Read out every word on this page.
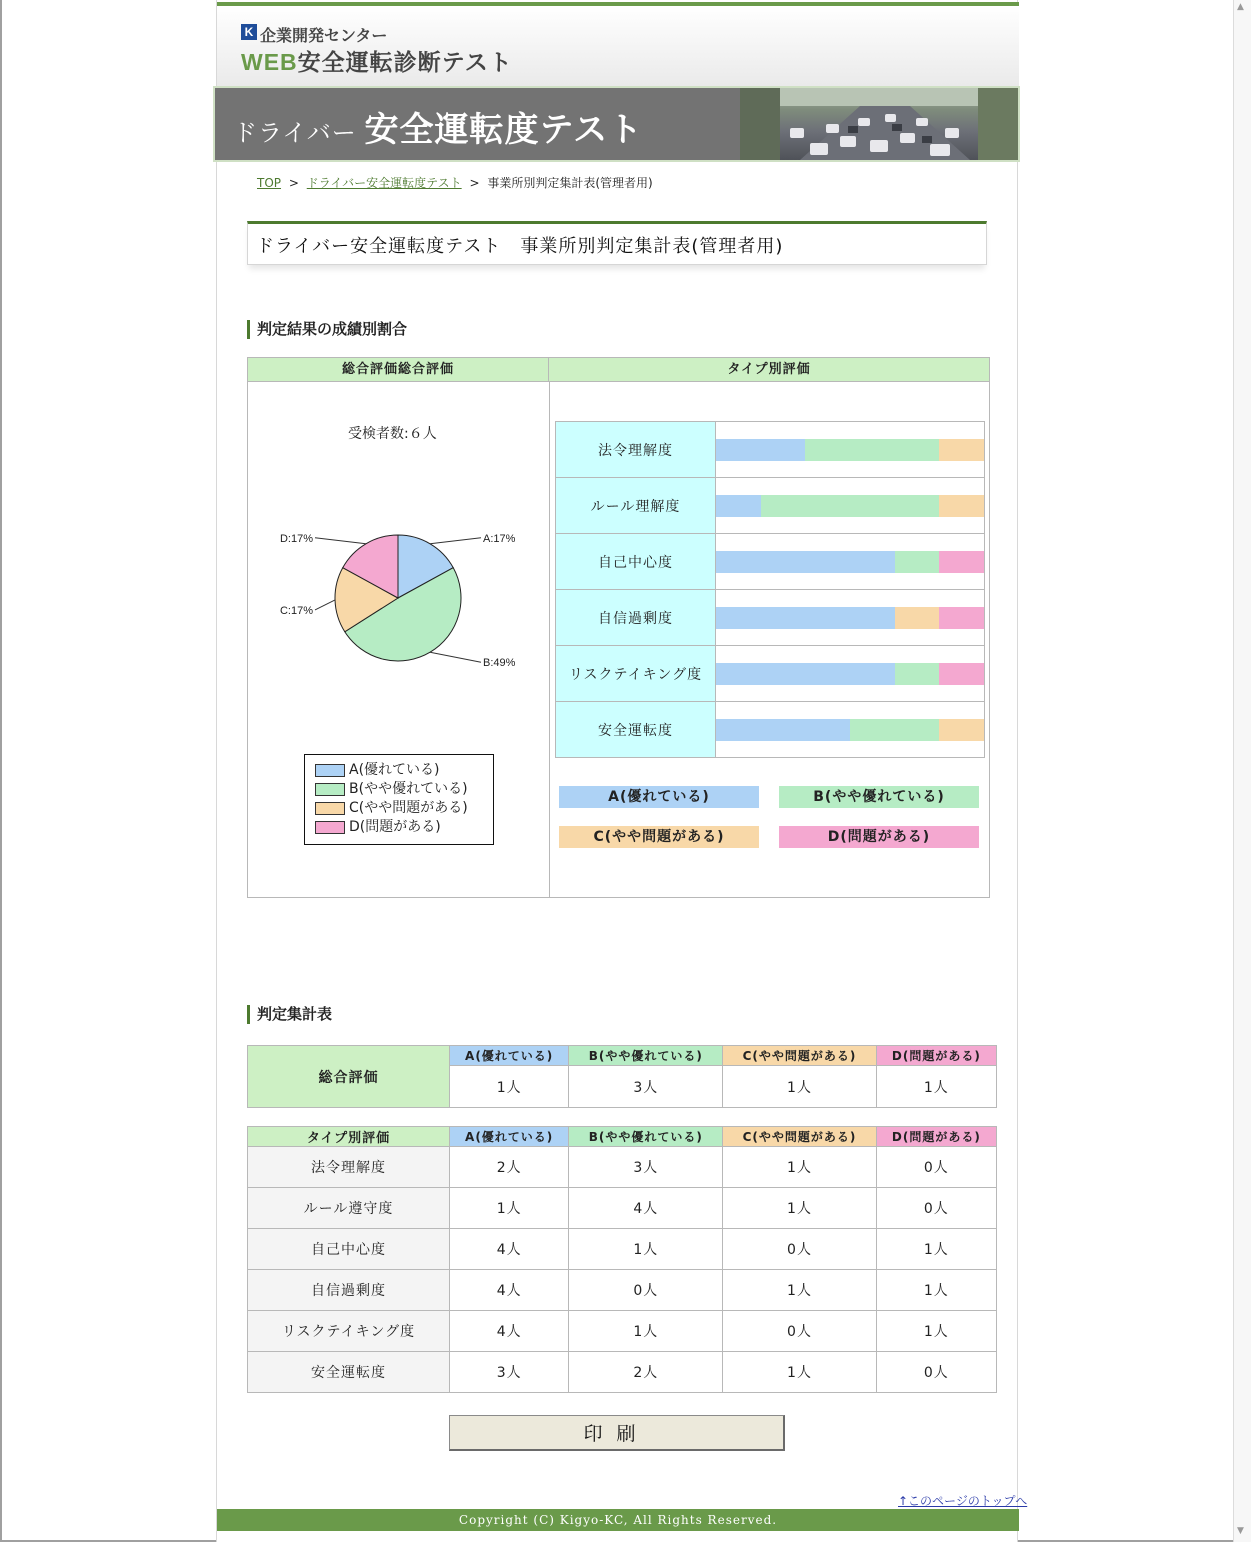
▲
▼
K 企業開発センター
WEB安全運転診断テスト
ドライバー 安全運転度テスト
TOP > ドライバー安全運転度テスト > 事業所別判定集計表(管理者用)
ドライバー安全運転度テスト　事業所別判定集計表(管理者用)
判定結果の成績別割合
総合評価総合評価	タイプ別評価
受検者数:６人
A:17%
B:49%
C:17%
D:17%
A(優れている)
B(やや優れている)
C(やや問題がある)
D(問題がある)
法令理解度	

ルール理解度	

自己中心度	

自信過剰度	

リスクテイキング度	

安全運転度	
A(優れている)	B(やや優れている)
C(やや問題がある)	D(問題がある)
判定集計表
総合評価	A(優れている)	B(やや優れている)	C(やや問題がある)	D(問題がある)
	1人	3人	1人	1人
タイプ別評価	A(優れている)	B(やや優れている)	C(やや問題がある)	D(問題がある)
法令理解度	2人	3人	1人	0人
ルール遵守度	1人	4人	1人	0人
自己中心度	4人	1人	0人	1人
自信過剰度	4人	0人	1人	1人
リスクテイキング度	4人	1人	0人	1人
安全運転度	3人	2人	1人	0人
印刷
↑このページのトップへ
Copyright (C) Kigyo-KC, All Rights Reserved.
